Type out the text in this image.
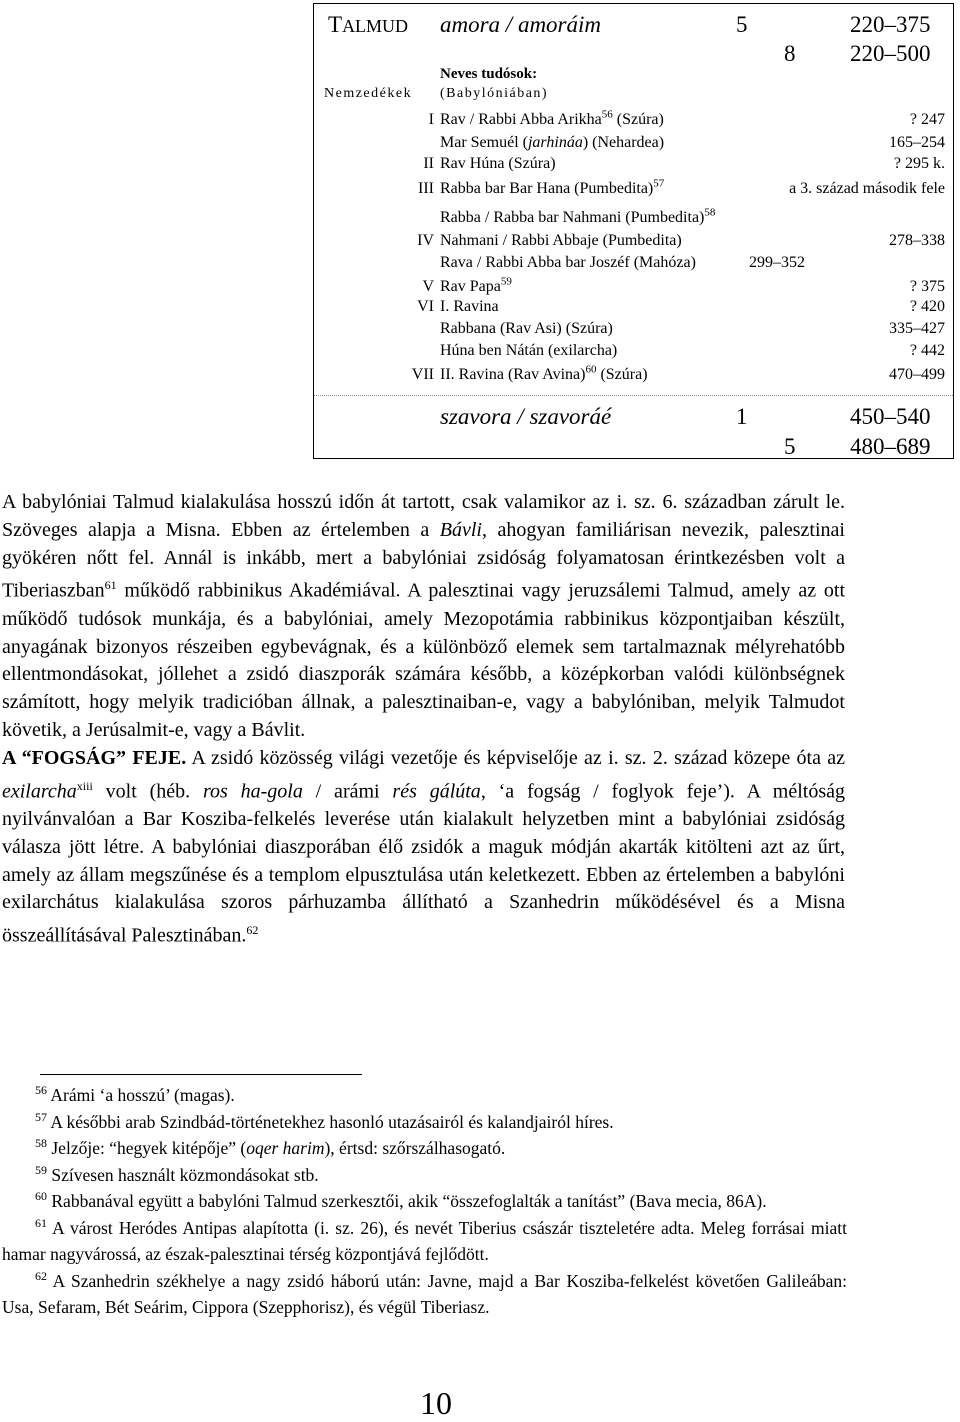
TALMUD amora / amoráim	5	220–375
8 220–500
Neves tudósok:
Nemzedékek (Babylóniában)
I Rav / Rabbi Abba Arikha$^{56}$ (Szúra)	? 247
Mar Semuél (jarhináa) (Nehardea)	165–254
II Rav Húna (Szúra)	? 295 k.
III Rabba bar Bar Hana (Pumbedita)$^{57}$	a 3. század második fele
Rabba / Rabba bar Nahmani (Pumbedita)$^{58}$
IV Nahmani / Rabbi Abbaje (Pumbedita)	278–338
Rava / Rabbi Abba bar Joszéf (Mahóza)	299–352
V Rav Papa$^{59}$	? 375
VI I. Ravina	? 420
Rabbana (Rav Asi) (Szúra)	335–427
Húna ben Nátán (exilarcha)	? 442
VII II. Ravina (Rav Avina)$^{60}$ (Szúra)	470–499
szavora / szavoráé	1	450–540
5 480–689

A babylóniai Talmud kialakulása hosszú időn át tartott, csak valamikor az i. sz. 6. században zárult le. Szöveges alapja a Misna. Ebben az értelemben a Bávli, ahogyan familiárisan nevezik, palesztinai gyökéren nőtt fel. Annál is inkább, mert a babylóniai zsidóság folyamatosan érintkezésben volt a Tiberiaszban$^{61}$ működő rabbinikus Akadémiával. A palesztinai vagy jeruzsálemi Talmud, amely az ott működő tudósok munkája, és a babylóniai, amely Mezopotámia rabbinikus központjaiban készült, anyagának bizonyos részeiben egybevágnak, és a különböző elemek sem tartalmaznak mélyrehatóbb ellentmondásokat, jóllehet a zsidó diaszporák számára később, a középkorban valódi különbségnek számított, hogy melyik tradicióban állnak, a palesztinaiban-e, vagy a babylóniban, melyik Talmudot követik, a Jerúsalmit-e, vagy a Bávlit.

A “FOGSÁG” FEJE. A zsidó közösség világi vezetője és képviselője az i. sz. 2. század közepe óta az exilarcha$^{xiii}$ volt (héb. ros ha-gola / arámi rés gálúta, ‘a fogság / foglyok feje’). A méltóság nyilvánvalóan a Bar Kosziba-felkelés leverése után kialakult helyzetben mint a babylóniai zsidóság válasza jött létre. A babylóniai diaszporában élő zsidók a maguk módján akarták kitölteni azt az űrt, amely az állam megszűnése és a templom elpusztulása után keletkezett. Ebben az értelemben a babylóni exilarchátus kialakulása szoros párhuzamba állítható a Szanhedrin működésével és a Misna összeállításával Palesztinában.$^{62}$

$^{56}$ Arámi ‘a hosszú’ (magas).

$^{57}$ A későbbi arab Szindbád-történetekhez hasonló utazásairól és kalandjairól híres.

$^{58}$ Jelzője: “hegyek kitépője” (oqer harim), értsd: szőrszálhasogató.

$^{59}$ Szívesen használt közmondásokat stb.

$^{60}$ Rabbanával együtt a babylóni Talmud szerkesztői, akik “összefoglalták a tanítást” (Bava mecia, 86A).

$^{61}$ A várost Heródes Antipas alapította (i. sz. 26), és nevét Tiberius császár tiszteletére adta. Meleg forrásai miatt hamar nagyvárossá, az észak-palesztinai térség központjává fejlődött.

$^{62}$ A Szanhedrin székhelye a nagy zsidó háború után: Javne, majd a Bar Kosziba-felkelést követően Galileában: Usa, Sefaram, Bét Seárim, Cippora (Szepphorisz), és végül Tiberiasz.

10
